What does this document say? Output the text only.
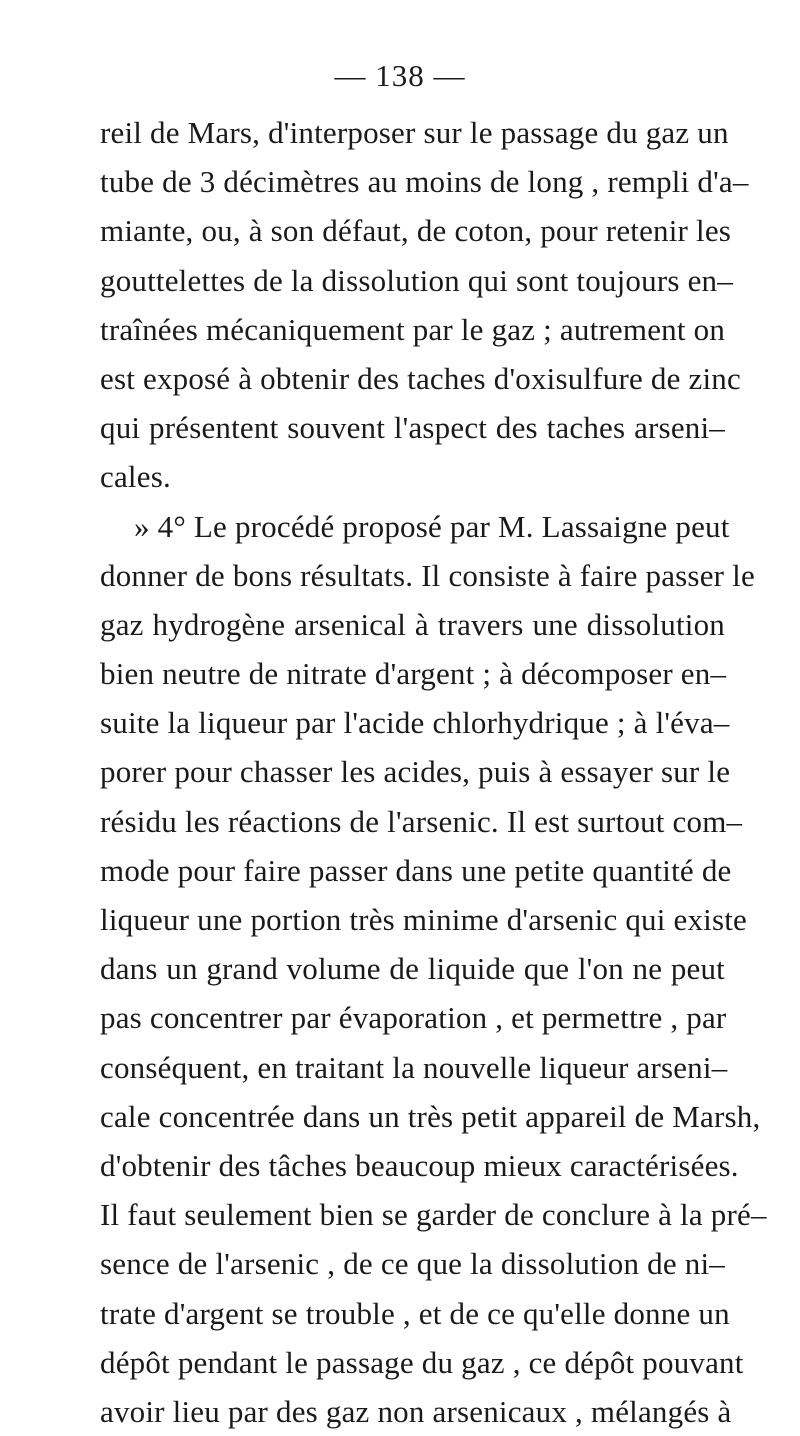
— 138 —
reil de Mars, d'interposer sur le passage du gaz un
tube de 3 décimètres au moins de long , rempli d'a–
miante, ou, à son défaut, de coton, pour retenir les
gouttelettes de la dissolution qui sont toujours en–
traînées mécaniquement par le gaz ; autrement on
est exposé à obtenir des taches d'oxisulfure de zinc
qui présentent souvent l'aspect des taches arseni–
cales.
» 4° Le procédé proposé par M. Lassaigne peut
donner de bons résultats. Il consiste à faire passer le
gaz hydrogène arsenical à travers une dissolution
bien neutre de nitrate d'argent ; à décomposer en–
suite la liqueur par l'acide chlorhydrique ; à l'éva–
porer pour chasser les acides, puis à essayer sur le
résidu les réactions de l'arsenic. Il est surtout com–
mode pour faire passer dans une petite quantité de
liqueur une portion très minime d'arsenic qui existe
dans un grand volume de liquide que l'on ne peut
pas concentrer par évaporation , et permettre , par
conséquent, en traitant la nouvelle liqueur arseni–
cale concentrée dans un très petit appareil de Marsh,
d'obtenir des tâches beaucoup mieux caractérisées.
Il faut seulement bien se garder de conclure à la pré–
sence de l'arsenic , de ce que la dissolution de ni–
trate d'argent se trouble , et de ce qu'elle donne un
dépôt pendant le passage du gaz , ce dépôt pouvant
avoir lieu par des gaz non arsenicaux , mélangés à
